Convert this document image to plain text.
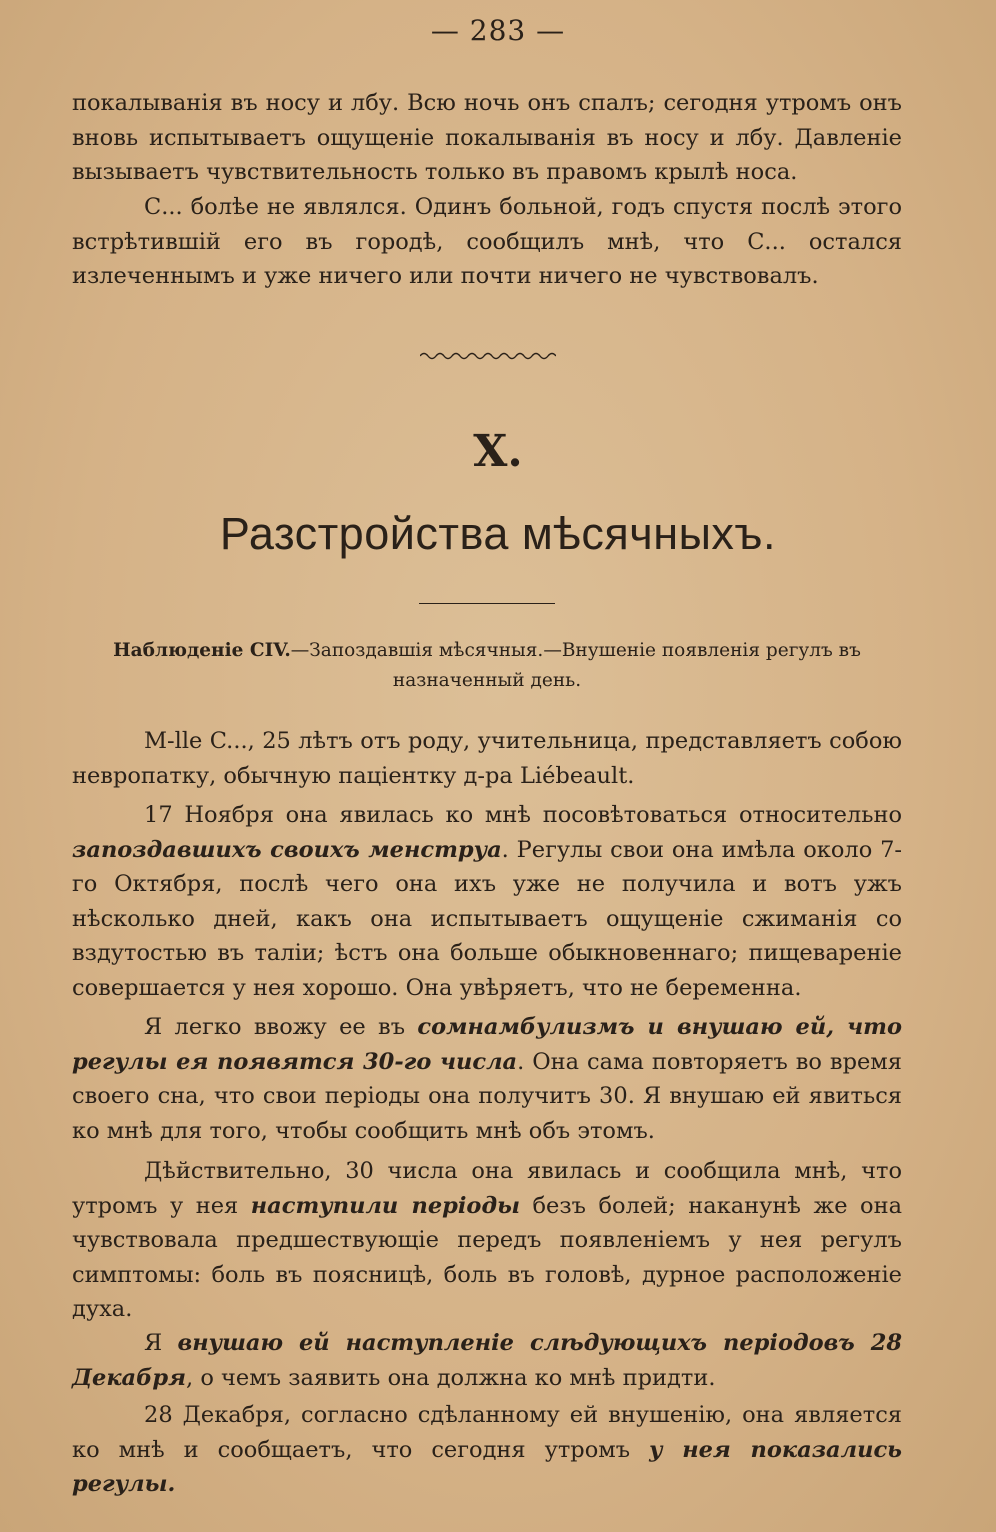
— 283 —

покалыванія въ носу и лбу. Всю ночь онъ спалъ; сегодня утромъ онъ вновь испытываетъ ощущеніе покалыванія въ носу и лбу. Давленіе вызываетъ чувствительность только въ правомъ крылѣ носа.

С... болѣе не являлся. Одинъ больной, годъ спустя послѣ этого встрѣтившій его въ городѣ, сообщилъ мнѣ, что С... остался излеченнымъ и уже ничего или почти ничего не чувствовалъ.

X.
Разстройства мѣсячныхъ.
Наблюденіе CIV.—Запоздавшія мѣсячныя.—Внушеніе появленія регулъ въ назначенный день.

M-lle C..., 25 лѣтъ отъ роду, учительница, представляетъ собою невропатку, обычную паціентку д-ра Liébeault.

17 Ноября она явилась ко мнѣ посовѣтоваться относительно запоздавшихъ своихъ менструа. Регулы свои она имѣла около 7-го Октября, послѣ чего она ихъ уже не получила и вотъ ужъ нѣсколько дней, какъ она испытываетъ ощущеніе сжиманія со вздутостью въ таліи; ѣстъ она больше обыкновеннаго; пищевареніе совершается у нея хорошо. Она увѣряетъ, что не беременна.

Я легко ввожу ее въ сомнамбулизмъ и внушаю ей, что регулы ея появятся 30-го числа. Она сама повторяетъ во время своего сна, что свои періоды она получитъ 30. Я внушаю ей явиться ко мнѣ для того, чтобы сообщить мнѣ объ этомъ.

Дѣйствительно, 30 числа она явилась и сообщила мнѣ, что утромъ у нея наступили періоды безъ болей; наканунѣ же она чувствовала предшествующіе передъ появленіемъ у нея регулъ симптомы: боль въ поясницѣ, боль въ головѣ, дурное расположеніе духа.

Я внушаю ей наступленіе слѣдующихъ періодовъ 28 Декабря, о чемъ заявить она должна ко мнѣ придти.

28 Декабря, согласно сдѣланному ей внушенію, она является ко мнѣ и сообщаетъ, что сегодня утромъ у нея показались регулы.
